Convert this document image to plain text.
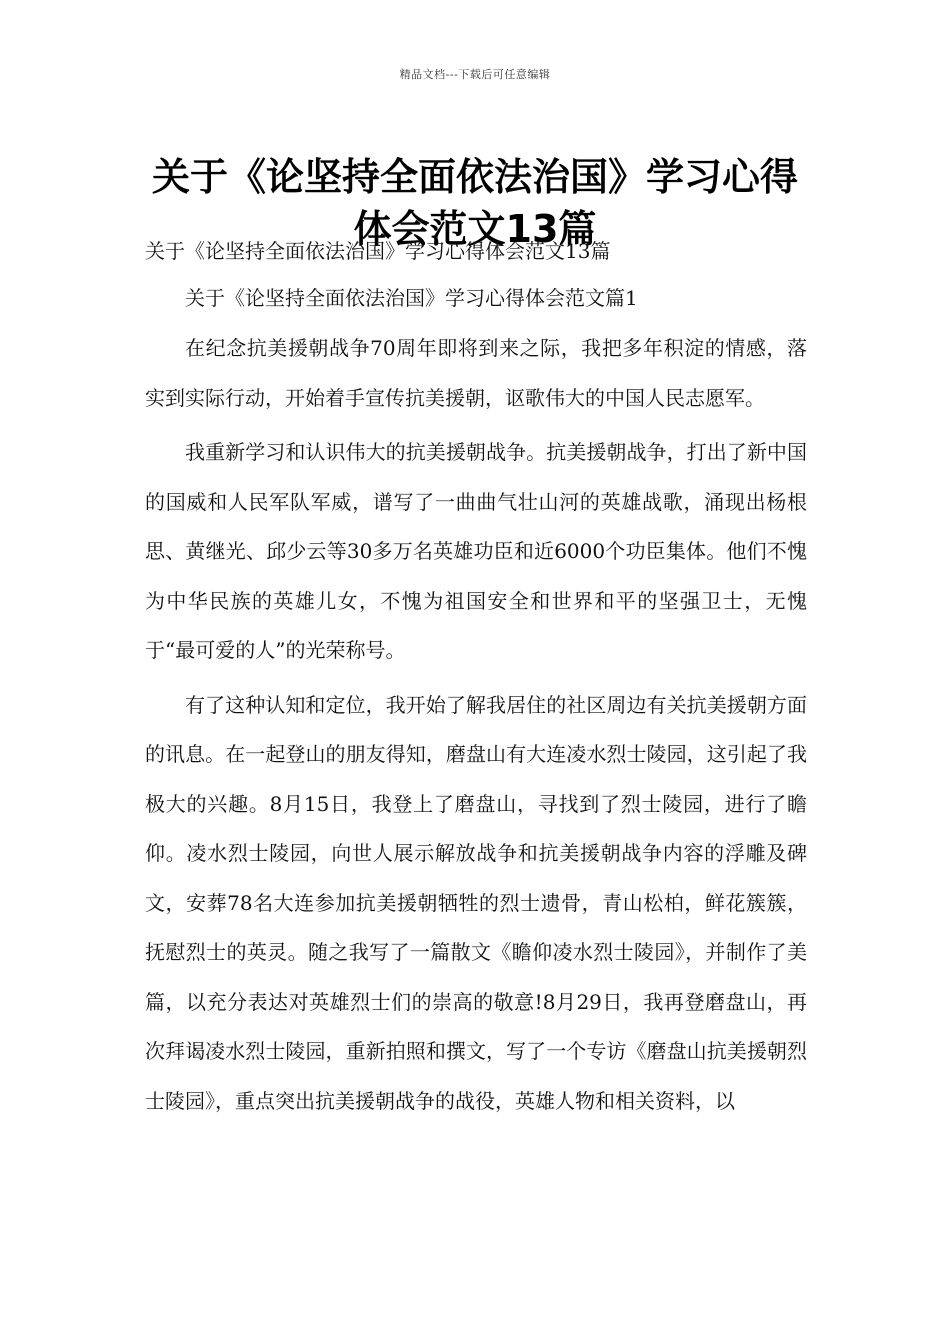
精品文档---下载后可任意编辑
关于《论坚持全面依法治国》学习心得
体会范文13篇

关于《论坚持全面依法治国》学习心得体会范文13篇

关于《论坚持全面依法治国》学习心得体会范文篇1

在纪念抗美援朝战争70周年即将到来之际，我把多年积淀的情感，落实到实际行动，开始着手宣传抗美援朝，讴歌伟大的中国人民志愿军。

我重新学习和认识伟大的抗美援朝战争。抗美援朝战争，打出了新中国的国威和人民军队军威，谱写了一曲曲气壮山河的英雄战歌，涌现出杨根思、黄继光、邱少云等30多万名英雄功臣和近6000个功臣集体。他们不愧为中华民族的英雄儿女，不愧为祖国安全和世界和平的坚强卫士，无愧于“最可爱的人”的光荣称号。

有了这种认知和定位，我开始了解我居住的社区周边有关抗美援朝方面的讯息。在一起登山的朋友得知，磨盘山有大连凌水烈士陵园，这引起了我极大的兴趣。8月15日，我登上了磨盘山，寻找到了烈士陵园，进行了瞻仰。凌水烈士陵园，向世人展示解放战争和抗美援朝战争内容的浮雕及碑文，安葬78名大连参加抗美援朝牺牲的烈士遗骨，青山松柏，鲜花簇簇，抚慰烈士的英灵。随之我写了一篇散文《瞻仰凌水烈士陵园》，并制作了美篇，以充分表达对英雄烈士们的崇高的敬意!8月29日，我再登磨盘山，再次拜谒凌水烈士陵园，重新拍照和撰文，写了一个专访《磨盘山抗美援朝烈士陵园》，重点突出抗美援朝战争的战役，英雄人物和相关资料，以
